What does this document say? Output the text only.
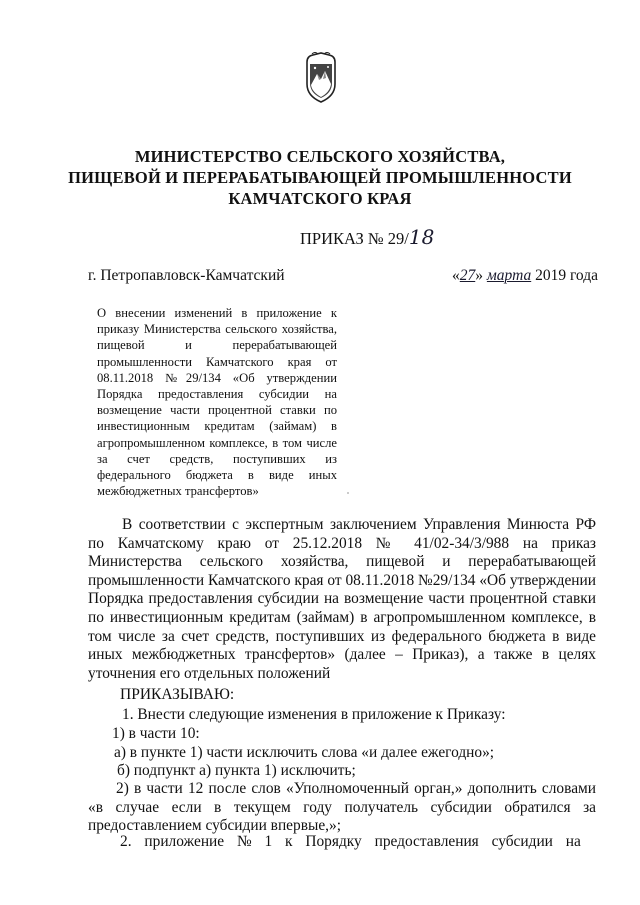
МИНИСТЕРСТВО СЕЛЬСКОГО ХОЗЯЙСТВА,
ПИЩЕВОЙ И ПЕРЕРАБАТЫВАЮЩЕЙ ПРОМЫШЛЕННОСТИ
КАМЧАТСКОГО КРАЯ
ПРИКАЗ № 29/18
г. Петропавловск-Камчатский	«27» марта 2019 года
О внесении изменений в приложение к приказу Министерства сельского хозяйства, пищевой и перерабатывающей промышленности Камчатского края от 08.11.2018 №29/134 «Об утверждении Порядка предоставления субсидии на возмещение части процентной ставки по инвестиционным кредитам (займам) в агропромышленном комплексе, в том числе за счет средств, поступивших из федерального бюджета в виде иных межбюджетных трансфертов»
В соответствии с экспертным заключением Управления Минюста РФ по Камчатскому краю от 25.12.2018 № 41/02-34/3/988 на приказ Министерства сельского хозяйства, пищевой и перерабатывающей промышленности Камчатского края от 08.11.2018 №29/134 «Об утверждении Порядка предоставления субсидии на возмещение части процентной ставки по инвестиционным кредитам (займам) в агропромышленном комплексе, в том числе за счет средств, поступивших из федерального бюджета в виде иных межбюджетных трансфертов» (далее – Приказ), а также в целях уточнения его отдельных положений
ПРИКАЗЫВАЮ:
1. Внести следующие изменения в приложение к Приказу:
1) в части 10:
а) в пункте 1) части исключить слова «и далее ежегодно»;
б) подпункт а) пункта 1) исключить;
2) в части 12 после слов «Уполномоченный орган,» дополнить словами «в случае если в текущем году получатель субсидии обратился за предоставлением субсидии впервые,»;
2. приложение № 1 к Порядку предоставления субсидии на
